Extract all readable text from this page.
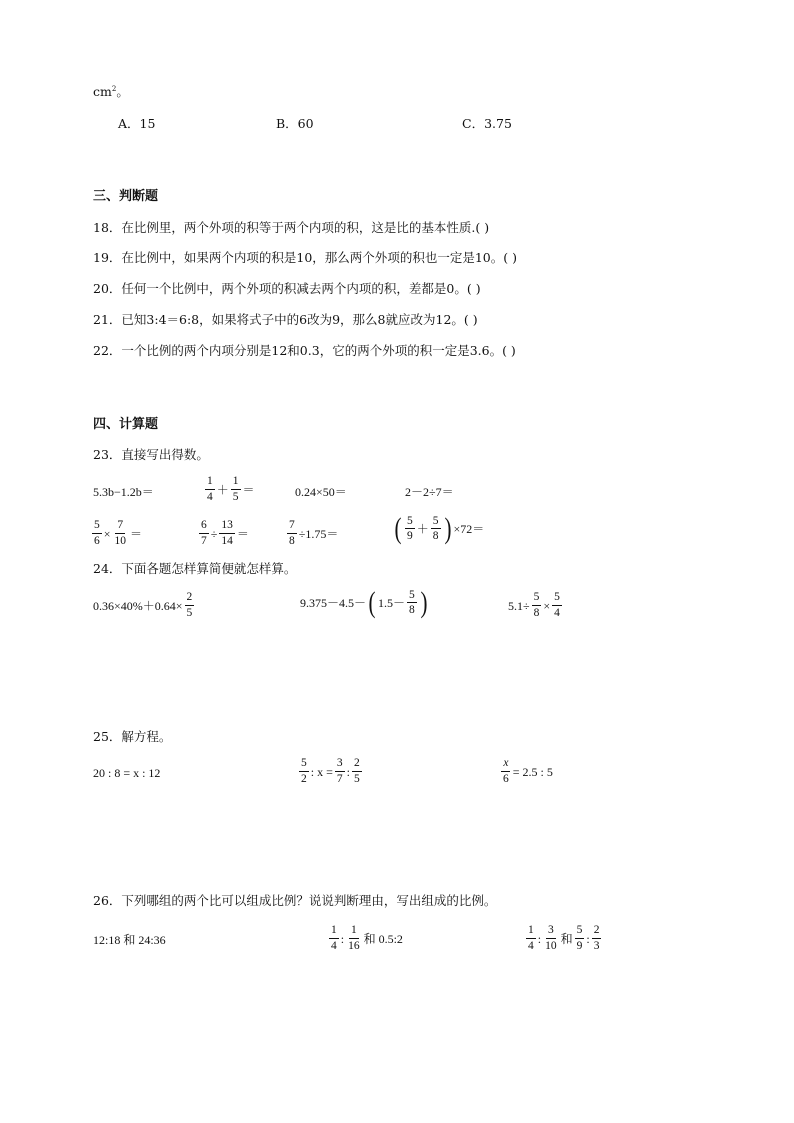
$cm^2$。
A．15	B．60	C．3.75
三、判断题
18．在比例里，两个外项的积等于两个内项的积，这是比的基本性质.( )
19．在比例中，如果两个内项的积是10，那么两个外项的积也一定是10。( )
20．任何一个比例中，两个外项的积减去两个内项的积，差都是0。( )
21．已知3:4＝6:8，如果将式子中的6改为9，那么8就应改为12。( )
22．一个比例的两个内项分别是12和0.3，它的两个外项的积一定是3.6。( )
四、计算题
23．直接写出得数。
5.3b−1.2b＝	$\frac{1}{4} + \frac{1}{5}$ ＝	0.24×50＝	2－2÷7＝
$\frac{5}{6} \times \frac{7}{10}$ ＝	$\frac{6}{7} \div \frac{13}{14}$ ＝	$\frac{7}{8} \div 1.75=$ ( $\frac{5}{9} + \frac{5}{8}$ ) ×72＝
24．下面各题怎样算简便就怎样算。
$0.36\times 40\%+0.64\times \frac{2}{5}$	9.375－4.5－ ( $1.5- \frac{5}{8}$ )	$5.1\div \frac{5}{8} \times \frac{5}{4}$
25．解方程。
20 : 8 = x : 12	$\frac{5}{2}$ : $x = \frac{3}{7}$ : $\frac{2}{5}$	$\frac{x}{6} = 2.5$ : 5
26．下列哪组的两个比可以组成比例？说说判断理由，写出组成的比例。
12:18 和 24:36	$\frac{1}{4}$ : $\frac{1}{16}$ 和 0.5:2	$\frac{1}{4}$ : $\frac{3}{10}$ 和 $\frac{5}{9}$ : $\frac{2}{3}$
